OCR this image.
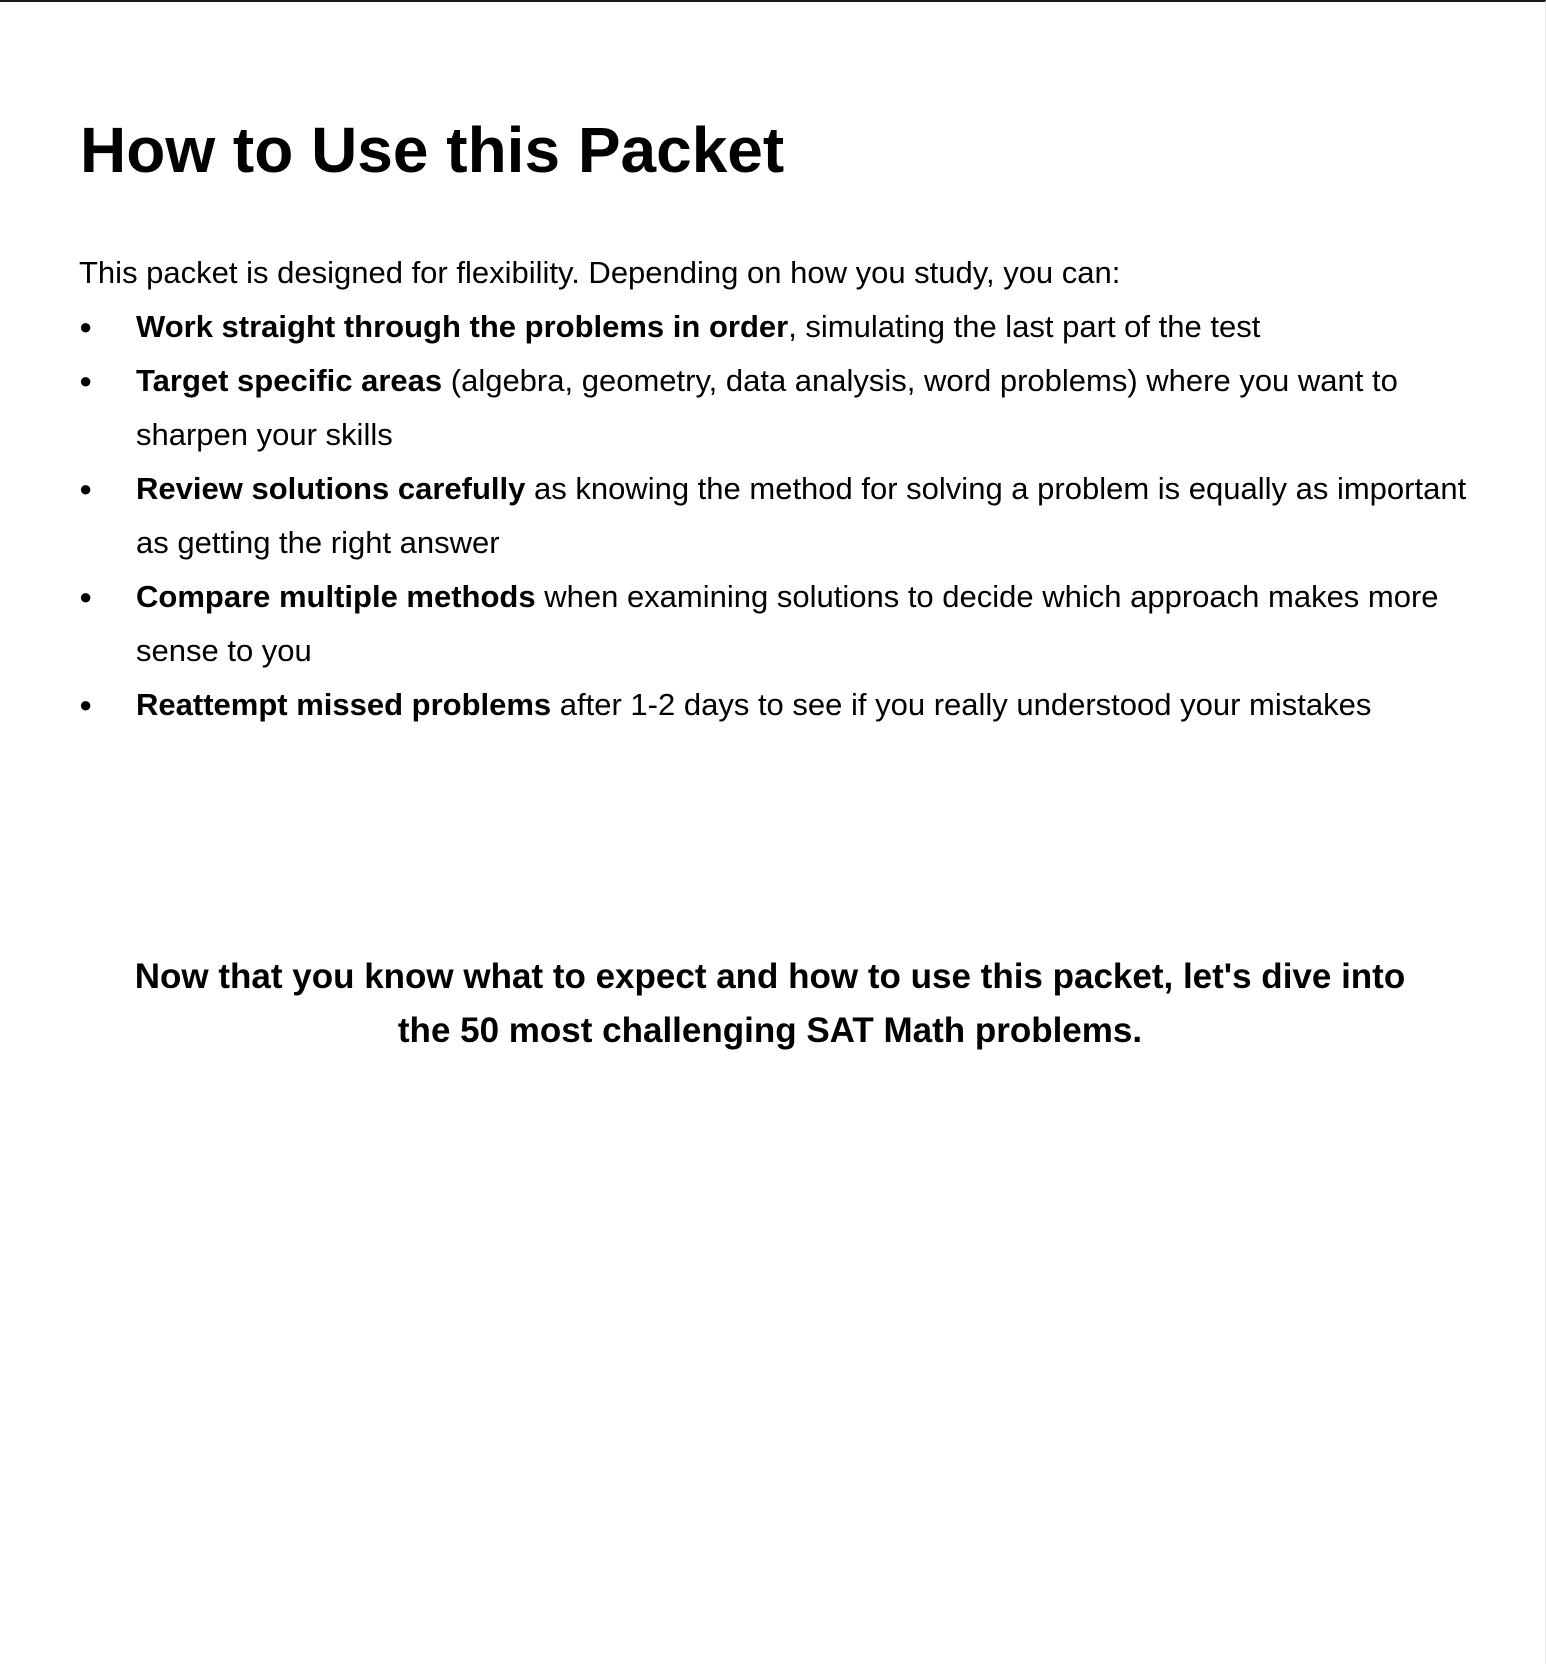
How to Use this Packet

This packet is designed for flexibility. Depending on how you study, you can:

● Work straight through the problems in order, simulating the last part of the test
● Target specific areas (algebra, geometry, data analysis, word problems) where you want to sharpen your skills
● Review solutions carefully as knowing the method for solving a problem is equally as important as getting the right answer
● Compare multiple methods when examining solutions to decide which approach makes more sense to you
● Reattempt missed problems after 1-2 days to see if you really understood your mistakes

Now that you know what to expect and how to use this packet, let's dive into
the 50 most challenging SAT Math problems.
